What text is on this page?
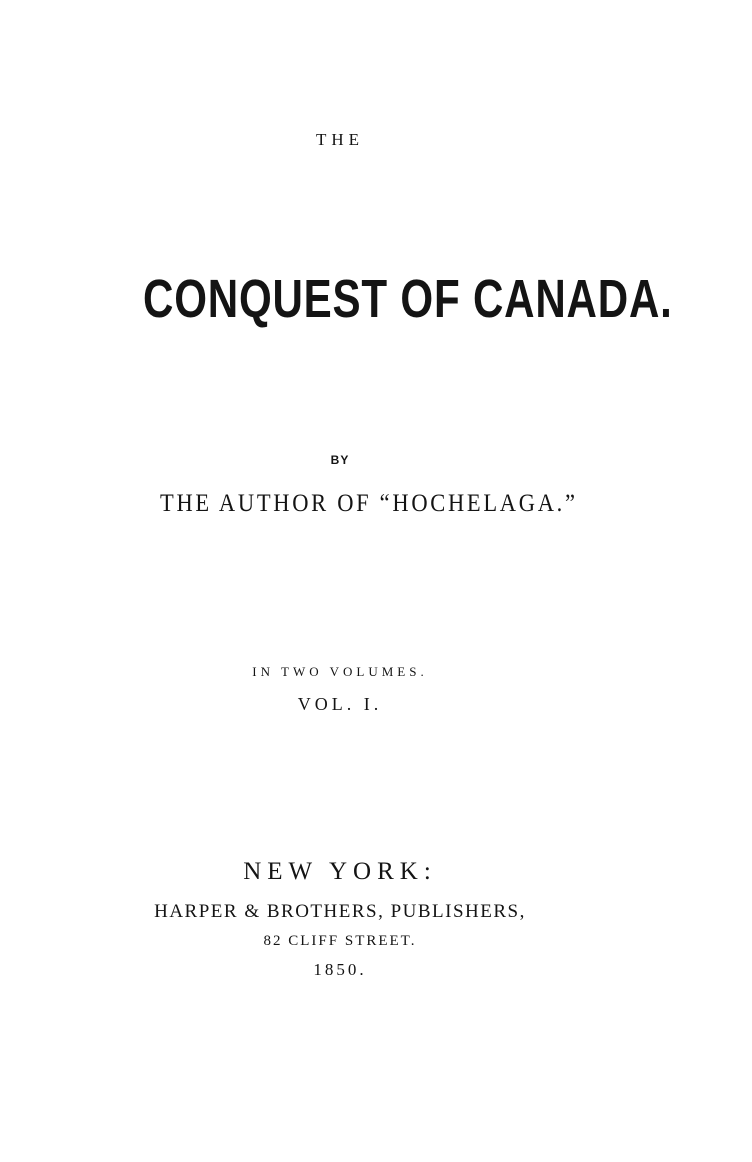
THE
CONQUEST OF CANADA.
BY
THE AUTHOR OF “HOCHELAGA.”
IN TWO VOLUMES.
VOL. I.
NEW YORK:
HARPER & BROTHERS, PUBLISHERS,
82 CLIFF STREET.
1850.
